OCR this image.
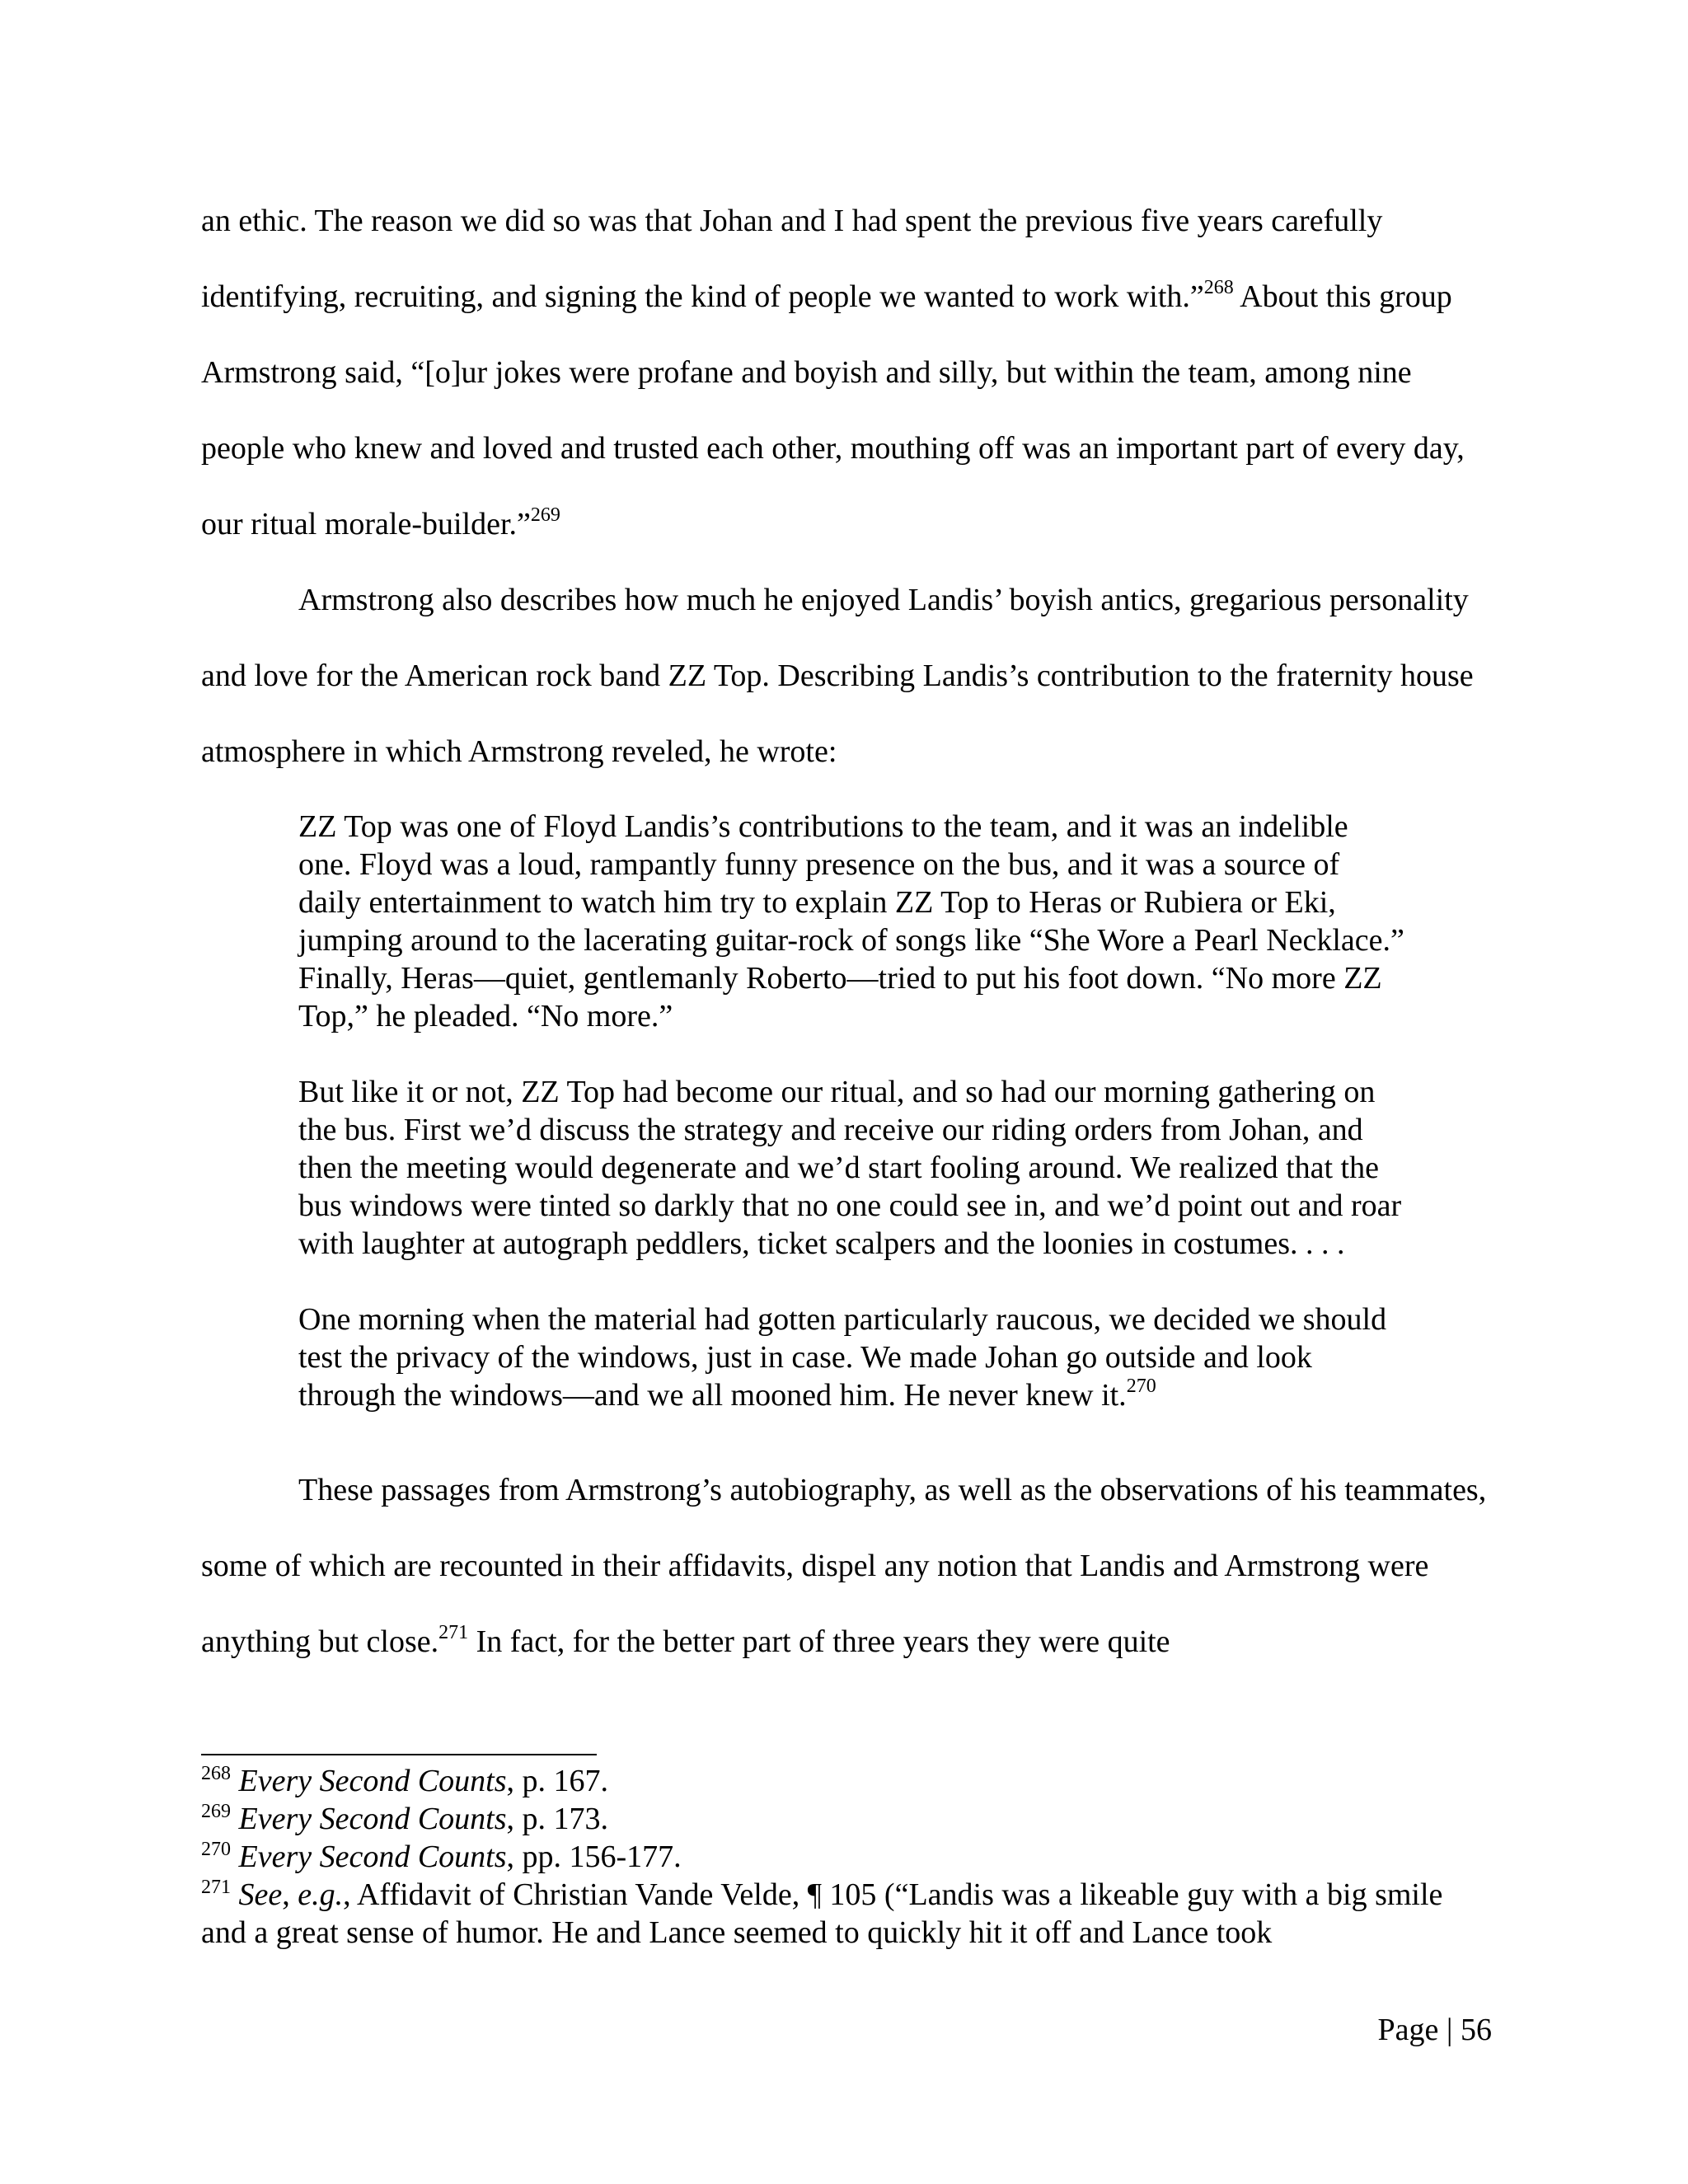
an ethic. The reason we did so was that Johan and I had spent the previous five years carefully identifying, recruiting, and signing the kind of people we wanted to work with.”$^{268}$ About this group Armstrong said, “[o]ur jokes were profane and boyish and silly, but within the team, among nine people who knew and loved and trusted each other, mouthing off was an important part of every day, our ritual morale-builder.”$^{269}$

Armstrong also describes how much he enjoyed Landis’ boyish antics, gregarious personality and love for the American rock band ZZ Top. Describing Landis’s contribution to the fraternity house atmosphere in which Armstrong reveled, he wrote:

ZZ Top was one of Floyd Landis’s contributions to the team, and it was an indelible one. Floyd was a loud, rampantly funny presence on the bus, and it was a source of daily entertainment to watch him try to explain ZZ Top to Heras or Rubiera or Eki, jumping around to the lacerating guitar-rock of songs like “She Wore a Pearl Necklace.” Finally, Heras—quiet, gentlemanly Roberto—tried to put his foot down. “No more ZZ Top,” he pleaded. “No more.”

But like it or not, ZZ Top had become our ritual, and so had our morning gathering on the bus. First we’d discuss the strategy and receive our riding orders from Johan, and then the meeting would degenerate and we’d start fooling around. We realized that the bus windows were tinted so darkly that no one could see in, and we’d point out and roar with laughter at autograph peddlers, ticket scalpers and the loonies in costumes. . . .

One morning when the material had gotten particularly raucous, we decided we should test the privacy of the windows, just in case. We made Johan go outside and look through the windows—and we all mooned him. He never knew it.$^{270}$

These passages from Armstrong’s autobiography, as well as the observations of his teammates, some of which are recounted in their affidavits, dispel any notion that Landis and Armstrong were anything but close.$^{271}$ In fact, for the better part of three years they were quite

$^{268}$ Every Second Counts, p. 167.

$^{269}$ Every Second Counts, p. 173.

$^{270}$ Every Second Counts, pp. 156-177.

$^{271}$ See, e.g., Affidavit of Christian Vande Velde, ¶ 105 (“Landis was a likeable guy with a big smile and a great sense of humor. He and Lance seemed to quickly hit it off and Lance took

Page | 56
